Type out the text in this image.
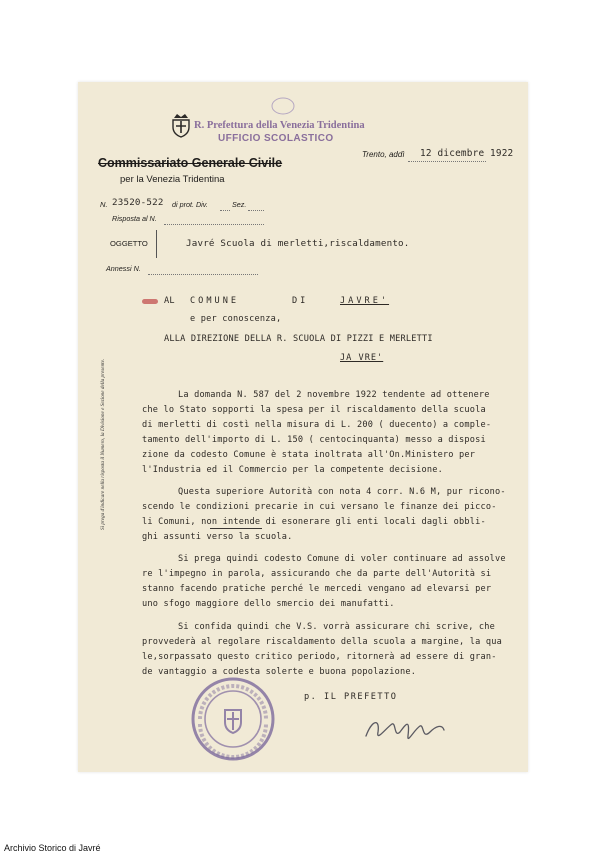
R. Prefettura della Venezia Tridentina
UFFICIO SCOLASTICO
Commissariato Generale Civile
per la Venezia Tridentina
Trento, addì 12 dicembre 1922
N. 23520-522 di prot. Div.	Sez.
Risposta al N.
OGGETTO	Javré Scuola di merletti,riscaldamento.
Annessi N.
Si prega d'indicare nella risposta il Numero, la Divisione e Sezione della presente.
AL COMUNE	DI	JAVRE'
e per conoscenza,
ALLA DIREZIONE DELLA R. SCUOLA DI PIZZI E MERLETTI
JA VRE'
La domanda N. 587 del 2 novembre 1922 tendente ad ottenere
che lo Stato sopporti la spesa per il riscaldamento della scuola
di merletti di costì nella misura di L. 200 ( duecento) a comple-
tamento dell'importo di L. 150 ( centocinquanta) messo a disposi
zione da codesto Comune è stata inoltrata all'On.Ministero per
l'Industria ed il Commercio per la competente decisione.
Questa superiore Autorità con nota 4 corr. N.6 M, pur ricono-
scendo le condizioni precarie in cui versano le finanze dei picco-
li Comuni, non intende di esonerare gli enti locali dagli obbli-
ghi assunti verso la scuola.
Si prega quindi codesto Comune di voler continuare ad assolve
re l'impegno in parola, assicurando che da parte dell'Autorità si
stanno facendo pratiche perché le mercedi vengano ad elevarsi per
uno sfogo maggiore dello smercio dei manufatti.
Si confida quindi che V.S. vorrà assicurare chi scrive, che
provvederà al regolare riscaldamento della scuola a margine, la qua
le,sorpassato questo critico periodo, ritornerà ad essere di gran-
de vantaggio a codesta solerte e buona popolazione.
p. IL PREFETTO
Archivio Storico di Javré
